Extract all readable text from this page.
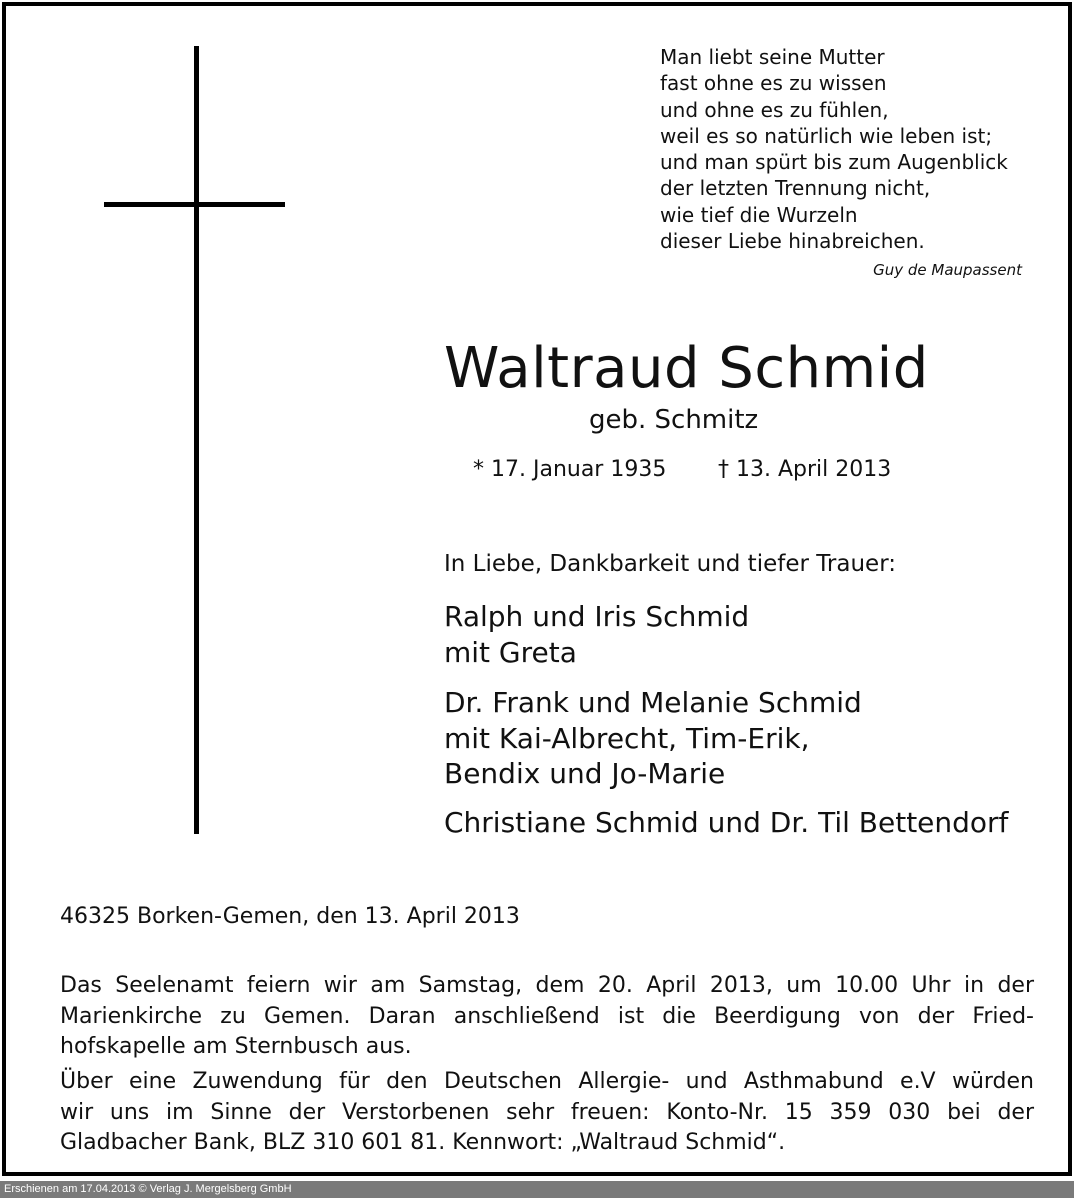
Man liebt seine Mutter
fast ohne es zu wissen
und ohne es zu fühlen,
weil es so natürlich wie leben ist;
und man spürt bis zum Augenblick
der letzten Trennung nicht,
wie tief die Wurzeln
dieser Liebe hinabreichen.
Guy de Maupassent
Waltraud Schmid
geb. Schmitz
* 17. Januar 1935 † 13. April 2013
In Liebe, Dankbarkeit und tiefer Trauer:
Ralph und Iris Schmid
mit Greta
Dr. Frank und Melanie Schmid
mit Kai-Albrecht, Tim-Erik,
Bendix und Jo-Marie
Christiane Schmid und Dr. Til Bettendorf
46325 Borken-Gemen, den 13. April 2013
Das Seelenamt feiern wir am Samstag, dem 20. April 2013, um 10.00 Uhr in der
Marienkirche zu Gemen. Daran anschließend ist die Beerdigung von der Fried-
hofskapelle am Sternbusch aus.
Über eine Zuwendung für den Deutschen Allergie- und Asthmabund e.V würden
wir uns im Sinne der Verstorbenen sehr freuen: Konto-Nr. 15 359 030 bei der
Gladbacher Bank, BLZ 310 601 81. Kennwort: „Waltraud Schmid“.
Erschienen am 17.04.2013 © Verlag J. Mergelsberg GmbH
